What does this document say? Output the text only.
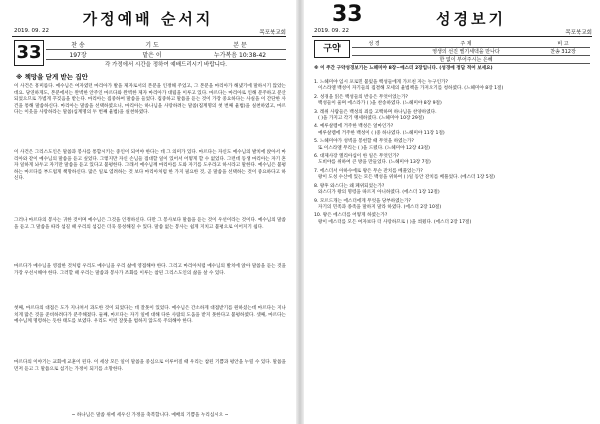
가정예배 순서지
2019. 09. 22	목포북교회
33	찬 송	기 도	본 문
197장	맡은 이	누가복음 10:38-42
각 가정에서 시간을 정하여 예배드리시기 바랍니다.
※ 책망을 닫게 받는 집안
이 사건은 흥미롭다. 예수님은 여자였던 마리아가 발을 제자로서의 본분을 인정해 주었고, 그 본분을 마리아가 해냈기에 말하시기 않았는데요. 당연하게도, 본분에서는 완벽한 안주인 마르다와 완벽한 제자 마리아가 대립을 이루고 있다. 마르다는 마리아로 인해 분주하고 분산되었으므로 가볍게 꾸짖음을 받는다. 마리아는 집중하여 말씀을 들었다. 집중하고 말씀을 듣는 것이 가장 중요하다는 사실을 이 간단한 사건을 통해 말씀하신다. 마리아는 말씀을 선택하였으니, 마리아는 하나님을 사랑하려는 말씀(집계명의 첫 번째 율법)을 실천하였고, 마르다는 이웃을 사랑하라는 말씀(십계명의 두 번째 율법)을 실천하였다.
이 사건은 그리스도인은 말씀과 봉사를 통합시키는 중인이 되어야 한다는 데 그 의미가 있다. 마르다는 자신도 예수님의 발치에 앉아서 마리아와 같이 예수님의 말씀을 듣고 싶었다. 그렇지만 자신 손님들 접대할 일이 있어서 어떻게 할 수 없었다. 그런데 동생 마리아는 자기 혼자 일하게 놔두고 자기만 말씀을 듣고 있다고 불평한다. 그래서 예수님께 마리아를 도와 자기를 도우라고 하시라고 말한다. 예수님은 불평하는 마르다를 부드럽게 책망하신다. 많은 일로 염려하는 것 보다 마리아처럼 한 가지 필요한 것, 곧 말씀을 선택하는 것이 중요하다고 하신다.
그러나 마르다의 봉사는 귀한 것이며 예수님은 그것을 인정하신다. 다만 그 봉사보다 말씀을 듣는 것이 우선이라는 것이다. 예수님의 말씀을 듣고 그 말씀을 따라 섬길 때 우리의 섬김은 더욱 풍성해질 수 있다. 말씀 없는 봉사는 쉽게 지치고 불평으로 이어지기 쉽다.
마르다가 예수님을 영접한 것처럼 우리도 예수님을 우리 삶에 영접해야 한다. 그리고 마리아처럼 예수님의 발치에 앉아 말씀을 듣는 것을 가장 우선시해야 한다. 그러할 때 우리는 말씀과 봉사가 조화를 이루는 참된 그리스도인의 삶을 살 수 있다.
첫째, 마르다의 대접은 도가 지나쳐서 과도한 것이 되었다는 데 잘못이 있었다. 예수님은 간소하게 대접받기를 원하셨는데 마르다는 지나치게 많은 것을 준비하려다가 분주해졌다. 둘째, 마르다는 자기 일에 대해 다른 사람의 도움을 받지 못한다고 불평하였다. 셋째, 마르다는 예수님께 명령하는 듯한 태도를 보였다. 우리도 이런 잘못을 범하지 않도록 주의해야 한다.
마르다의 이야기는 교회에 교훈이 된다. 이 세상 모든 일이 말씀을 중심으로 이루어질 때 우리는 참된 기쁨과 평안을 누릴 수 있다. 말씀을 먼저 듣고 그 말씀으로 섬기는 가정이 되기를 소망한다.
~ 하나님은 말씀 위에 세우신 가정을 축복합니다. 예배의 기쁨을 누리십시오 ~
33	성경보기
2019. 09. 22	목포북교회
구약	성 경	주 제	비 고
	영생의 선진 멜기세덱을 만나다	찬송 312장
	한 없이 부어주시는 은혜	
※ 이 주간 구약성경보기는 느헤미야 8장~에스더 2장입니다. (성경에 정답 적어 보세요)
1. 느헤미야 임시 포로민 불렀을 백성들에게 가르친 자는 누구인가?
이스라엘 백성이 자기들의 집결해 모세의 율법책을 가져오기를 청하였다. (느헤미야 8장 1절)
2. 성경을 읽은 백성들의 반응은 무엇이었는가?
백성들이 울며 에스라가 ( )을 찬송하였다. (느헤미야 8장 9절)
3. 레위 사람들은 백성의 죄를 고백하며 하나님을 찬양하였다.
( )을 가지고 각기 맹세하였다. (느헤미야 10장 29절)
4. 예루살렘에 거주한 백성은 얼마인가?
예루살렘에 거주한 백성이 ( )중 하나였다. (느헤미야 11장 1절)
5. 느헤미야가 성벽을 봉헌할 때 무엇을 하였는가?
또 이스라엘 무리는 ( )을 드렸다. (느헤미야 12장 43절)
6. 대제사장 엘리아십이 한 일은 무엇인가?
도비야를 위하여 큰 방을 만들었다. (느헤미야 13장 7절)
7. 에스더서 아하수에로 왕은 무슨 잔치를 베풀었는가?
왕이 도성 수산에 있는 모든 백성을 위하여 ( )일 동안 잔치를 베풀었다. (에스더 1장 5절)
8. 왕후 와스디는 왜 폐위되었는가?
와스디가 왕의 명령을 따르지 아니하였다. (에스더 1장 12절)
9. 모르드개는 에스더에게 무엇을 당부하였는가?
자기의 민족과 종족을 말하지 말라 하였다. (에스더 2장 10절)
10. 왕은 에스더를 어떻게 하였는가?
왕이 에스더를 모든 여자보다 더 사랑하므로 ( )을 씌웠다. (에스더 2장 17절)
